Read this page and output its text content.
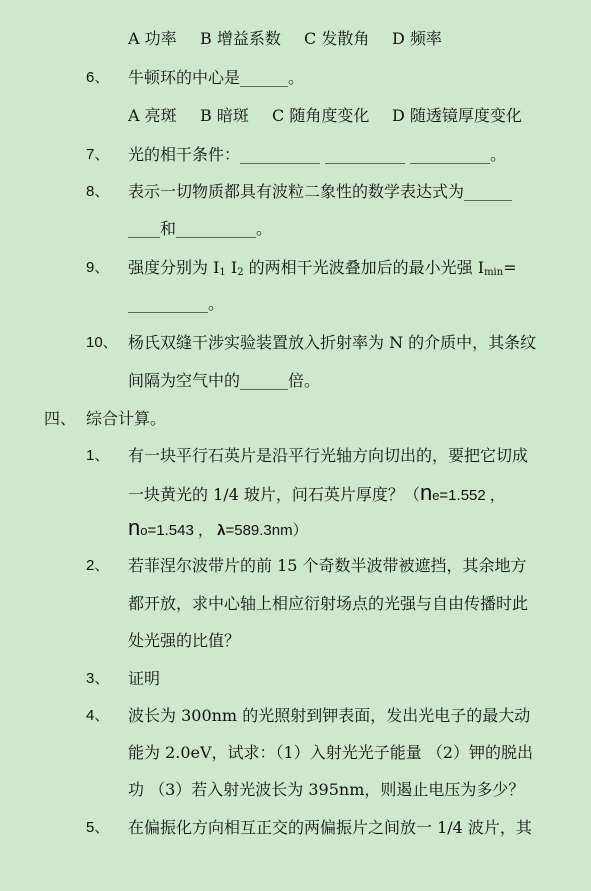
A 功率 B 增益系数 C 发散角 D 频率
6、 牛顿环的中心是______。
A 亮斑 B 暗斑 C 随角度变化 D 随透镜厚度变化
7、 光的相干条件：__________ __________ __________。
8、 表示一切物质都具有波粒二象性的数学表达式为______
____和__________。
9、 强度分别为 $I_1$ $I_2$ 的两相干光波叠加后的最小光强 $I_{min}=$
__________。
10、 杨氏双缝干涉实验装置放入折射率为 N 的介质中，其条纹
间隔为空气中的______倍。
四、 综合计算。
1、 有一块平行石英片是沿平行光轴方向切出的，要把它切成
一块黄光的 1/4 玻片，问石英片厚度？（ne=1.552 ，
no=1.543 ， λ=589.3nm）
2、 若菲涅尔波带片的前 15 个奇数半波带被遮挡，其余地方
都开放，求中心轴上相应衍射场点的光强与自由传播时此
处光强的比值？
3、 证明
4、 波长为 300nm 的光照射到钾表面，发出光电子的最大动
能为 2.0eV，试求：（1）入射光光子能量 （2）钾的脱出
功 （3）若入射光波长为 395nm，则遏止电压为多少？
5、 在偏振化方向相互正交的两偏振片之间放一 1/4 波片，其
